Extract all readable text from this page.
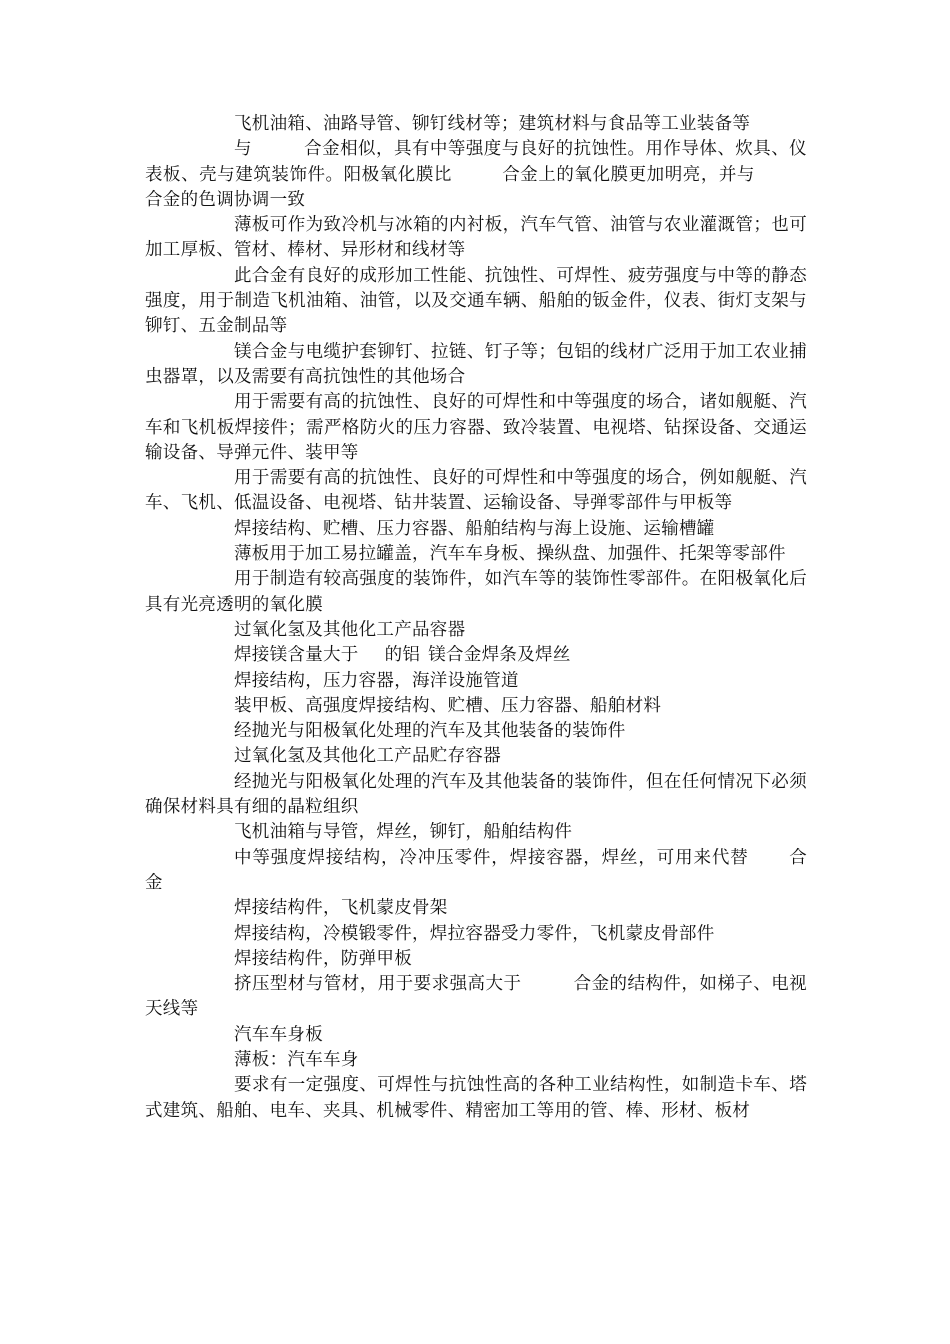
飞机油箱、油路导管、铆钉线材等；建筑材料与食品等工业装备等

与	合金相似，具有中等强度与良好的抗蚀性。用作导体、炊具、仪表板、壳与建筑装饰件。阳极氧化膜比	合金上的氧化膜更加明亮，并与合金的色调协调一致

薄板可作为致冷机与冰箱的内衬板，汽车气管、油管与农业灌溉管；也可加工厚板、管材、棒材、异形材和线材等

此合金有良好的成形加工性能、抗蚀性、可焊性、疲劳强度与中等的静态强度，用于制造飞机油箱、油管，以及交通车辆、船舶的钣金件，仪表、街灯支架与铆钉、五金制品等

镁合金与电缆护套铆钉、拉链、钉子等；包铝的线材广泛用于加工农业捕虫器罩，以及需要有高抗蚀性的其他场合

用于需要有高的抗蚀性、良好的可焊性和中等强度的场合，诸如舰艇、汽车和飞机板焊接件；需严格防火的压力容器、致冷装置、电视塔、钻探设备、交通运输设备、导弹元件、装甲等

用于需要有高的抗蚀性、良好的可焊性和中等强度的场合，例如舰艇、汽车、飞机、低温设备、电视塔、钻井装置、运输设备、导弹零部件与甲板等

焊接结构、贮槽、压力容器、船舶结构与海上设施、运输槽罐

薄板用于加工易拉罐盖，汽车车身板、操纵盘、加强件、托架等零部件

用于制造有较高强度的装饰件，如汽车等的装饰性零部件。在阳极氧化后具有光亮透明的氧化膜

过氧化氢及其他化工产品容器

焊接镁含量大于 的铝 镁合金焊条及焊丝

焊接结构，压力容器，海洋设施管道

装甲板、高强度焊接结构、贮槽、压力容器、船舶材料

经抛光与阳极氧化处理的汽车及其他装备的装饰件

过氧化氢及其他化工产品贮存容器

经抛光与阳极氧化处理的汽车及其他装备的装饰件，但在任何情况下必须确保材料具有细的晶粒组织

飞机油箱与导管，焊丝，铆钉，船舶结构件

中等强度焊接结构，冷冲压零件，焊接容器，焊丝，可用来代替 合金

焊接结构件，飞机蒙皮骨架

焊接结构，冷模锻零件，焊拉容器受力零件，飞机蒙皮骨部件

焊接结构件，防弹甲板

挤压型材与管材，用于要求强高大于	合金的结构件，如梯子、电视天线等

汽车车身板

薄板：汽车车身

要求有一定强度、可焊性与抗蚀性高的各种工业结构性，如制造卡车、塔式建筑、船舶、电车、夹具、机械零件、精密加工等用的管、棒、形材、板材
